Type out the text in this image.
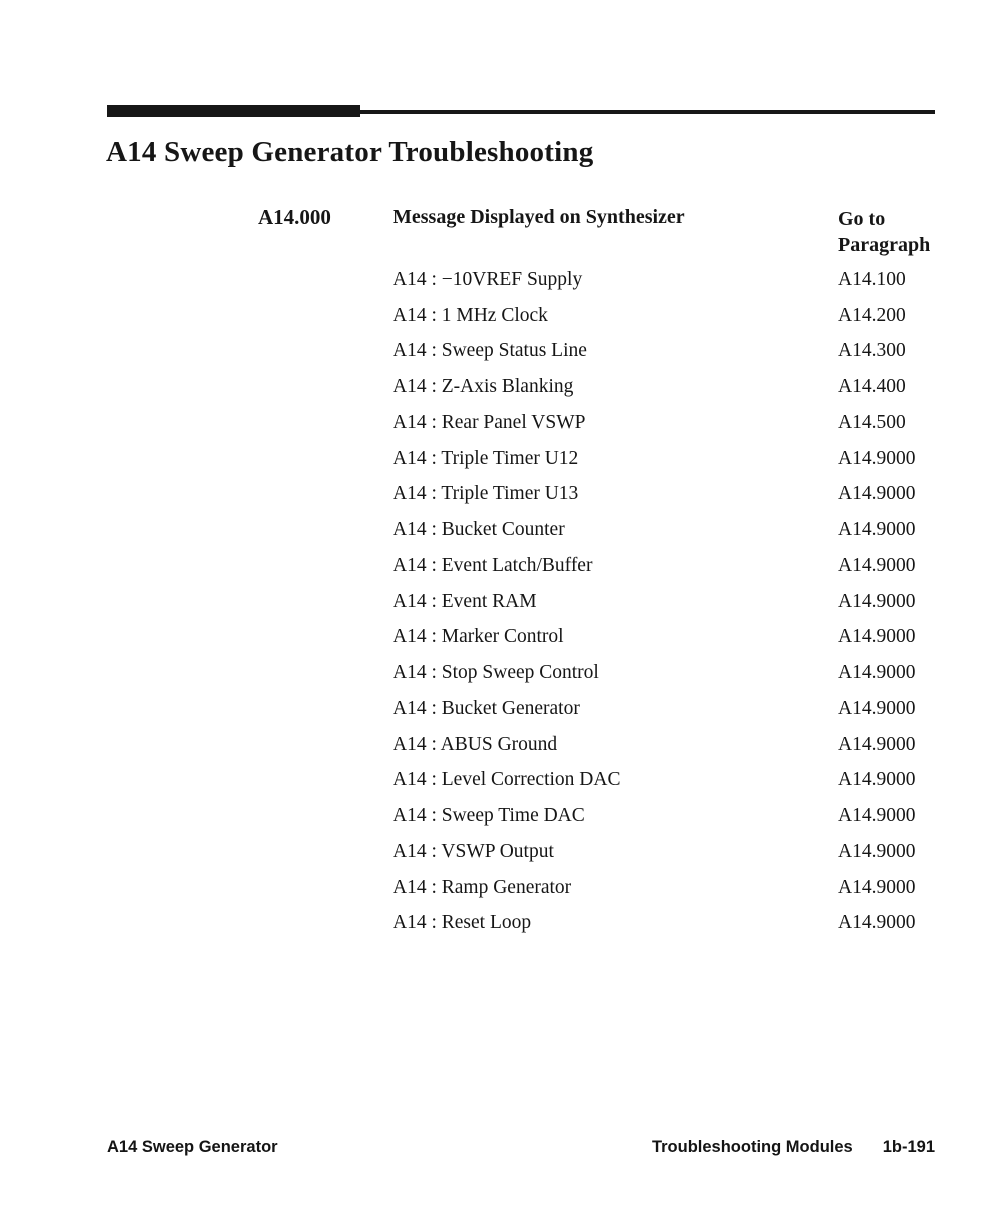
A14 Sweep Generator Troubleshooting
A14.000	Message Displayed on Synthesizer	Go to
Paragraph
A14 : −10VREF Supply	A14.100
A14 : 1 MHz Clock	A14.200
A14 : Sweep Status Line	A14.300
A14 : Z-Axis Blanking	A14.400
A14 : Rear Panel VSWP	A14.500
A14 : Triple Timer U12	A14.9000
A14 : Triple Timer U13	A14.9000
A14 : Bucket Counter	A14.9000
A14 : Event Latch/Buffer	A14.9000
A14 : Event RAM	A14.9000
A14 : Marker Control	A14.9000
A14 : Stop Sweep Control	A14.9000
A14 : Bucket Generator	A14.9000
A14 : ABUS Ground	A14.9000
A14 : Level Correction DAC	A14.9000
A14 : Sweep Time DAC	A14.9000
A14 : VSWP Output	A14.9000
A14 : Ramp Generator	A14.9000
A14 : Reset Loop	A14.9000
A14 Sweep Generator	Troubleshooting Modules 1b-191
